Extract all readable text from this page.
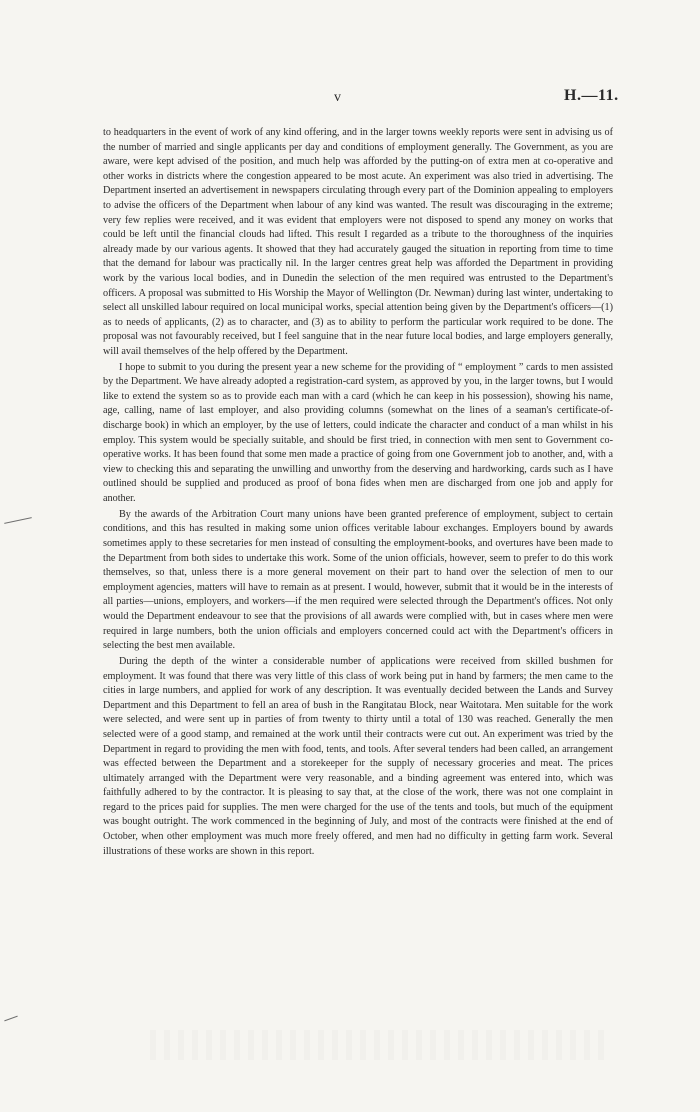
v	H.—11.

to headquarters in the event of work of any kind offering, and in the larger towns weekly reports were sent in advising us of the number of married and single applicants per day and conditions of employment generally. The Government, as you are aware, were kept advised of the position, and much help was afforded by the putting-on of extra men at co-operative and other works in districts where the congestion appeared to be most acute. An experiment was also tried in advertising. The Department inserted an advertisement in newspapers circulating through every part of the Dominion appealing to employers to advise the officers of the Department when labour of any kind was wanted. The result was discouraging in the extreme; very few replies were received, and it was evident that employers were not disposed to spend any money on works that could be left until the financial clouds had lifted. This result I regarded as a tribute to the thoroughness of the inquiries already made by our various agents. It showed that they had accurately gauged the situation in reporting from time to time that the demand for labour was practically nil. In the larger centres great help was afforded the Department in providing work by the various local bodies, and in Dunedin the selection of the men required was entrusted to the Department's officers. A proposal was submitted to His Worship the Mayor of Wellington (Dr. Newman) during last winter, undertaking to select all unskilled labour required on local municipal works, special attention being given by the Department's officers—(1) as to needs of applicants, (2) as to character, and (3) as to ability to perform the particular work required to be done. The proposal was not favourably received, but I feel sanguine that in the near future local bodies, and large employers generally, will avail themselves of the help offered by the Department.

I hope to submit to you during the present year a new scheme for the providing of “ employment ” cards to men assisted by the Department. We have already adopted a registration-card system, as approved by you, in the larger towns, but I would like to extend the system so as to provide each man with a card (which he can keep in his possession), showing his name, age, calling, name of last employer, and also providing columns (somewhat on the lines of a seaman's certificate-of-discharge book) in which an employer, by the use of letters, could indicate the character and conduct of a man whilst in his employ. This system would be specially suitable, and should be first tried, in connection with men sent to Government co-operative works. It has been found that some men made a practice of going from one Government job to another, and, with a view to checking this and separating the unwilling and unworthy from the deserving and hardworking, cards such as I have outlined should be supplied and produced as proof of bona fides when men are discharged from one job and apply for another.

By the awards of the Arbitration Court many unions have been granted preference of employment, subject to certain conditions, and this has resulted in making some union offices veritable labour exchanges. Employers bound by awards sometimes apply to these secretaries for men instead of consulting the employment-books, and overtures have been made to the Department from both sides to undertake this work. Some of the union officials, however, seem to prefer to do this work themselves, so that, unless there is a more general movement on their part to hand over the selection of men to our employment agencies, matters will have to remain as at present. I would, however, submit that it would be in the interests of all parties—unions, employers, and workers—if the men required were selected through the Department's offices. Not only would the Department endeavour to see that the provisions of all awards were complied with, but in cases where men were required in large numbers, both the union officials and employers concerned could act with the Department's officers in selecting the best men available.

During the depth of the winter a considerable number of applications were received from skilled bushmen for employment. It was found that there was very little of this class of work being put in hand by farmers; the men came to the cities in large numbers, and applied for work of any description. It was eventually decided between the Lands and Survey Department and this Department to fell an area of bush in the Rangitatau Block, near Waitotara. Men suitable for the work were selected, and were sent up in parties of from twenty to thirty until a total of 130 was reached. Generally the men selected were of a good stamp, and remained at the work until their contracts were cut out. An experiment was tried by the Department in regard to providing the men with food, tents, and tools. After several tenders had been called, an arrangement was effected between the Department and a storekeeper for the supply of necessary groceries and meat. The prices ultimately arranged with the Department were very reasonable, and a binding agreement was entered into, which was faithfully adhered to by the contractor. It is pleasing to say that, at the close of the work, there was not one complaint in regard to the prices paid for supplies. The men were charged for the use of the tents and tools, but much of the equipment was bought outright. The work commenced in the beginning of July, and most of the contracts were finished at the end of October, when other employment was much more freely offered, and men had no difficulty in getting farm work. Several illustrations of these works are shown in this report.
